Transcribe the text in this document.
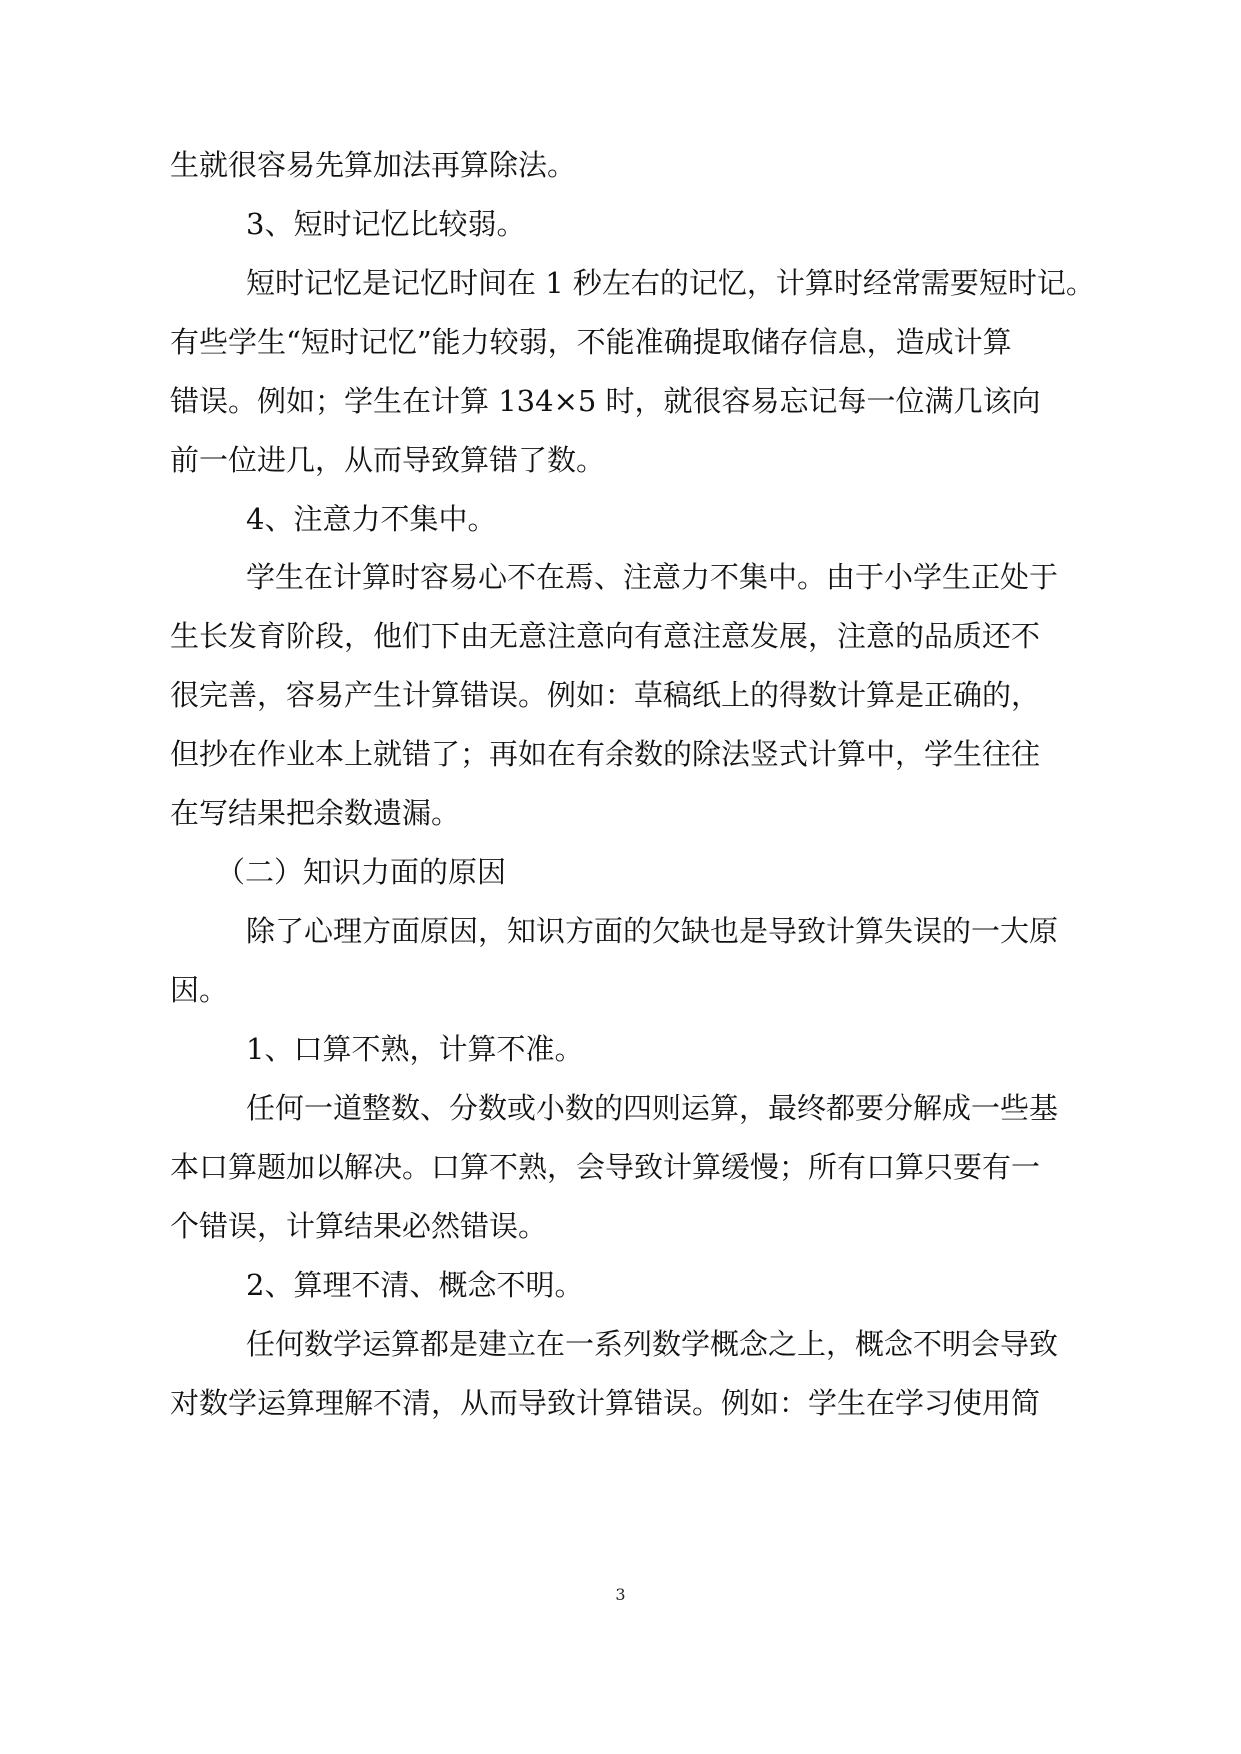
生就很容易先算加法再算除法。
3、短时记忆比较弱。
短时记忆是记忆时间在 1 秒左右的记忆，计算时经常需要短时记。
有些学生“短时记忆”能力较弱，不能准确提取储存信息，造成计算
错误。例如；学生在计算 134×5 时，就很容易忘记每一位满几该向
前一位进几，从而导致算错了数。
4、注意力不集中。
学生在计算时容易心不在焉、注意力不集中。由于小学生正处于
生长发育阶段，他们下由无意注意向有意注意发展，注意的品质还不
很完善，容易产生计算错误。例如：草稿纸上的得数计算是正确的，
但抄在作业本上就错了；再如在有余数的除法竖式计算中，学生往往
在写结果把余数遗漏。
（二）知识力面的原因
除了心理方面原因，知识方面的欠缺也是导致计算失误的一大原
因。
1、口算不熟，计算不准。
任何一道整数、分数或小数的四则运算，最终都要分解成一些基
本口算题加以解决。口算不熟，会导致计算缓慢；所有口算只要有一
个错误，计算结果必然错误。
2、算理不清、概念不明。
任何数学运算都是建立在一系列数学概念之上，概念不明会导致
对数学运算理解不清，从而导致计算错误。例如：学生在学习使用简
3
